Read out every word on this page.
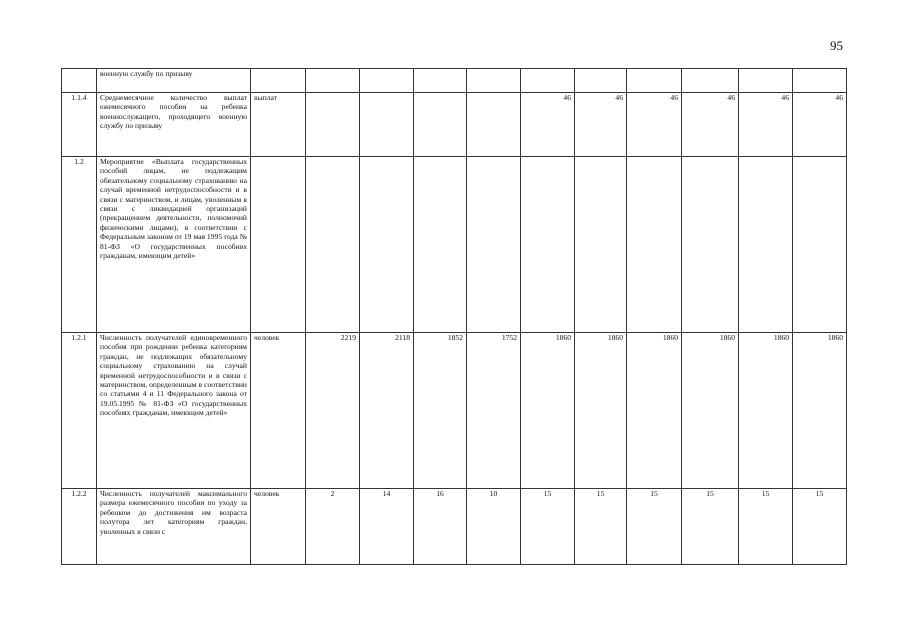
95

	военную службу по призыву											

1.1.4	Среднемесячное количество выплат ежемесячного пособия на ребенка военнослужащего, проходящего военную службу по призыву	выплат					46	46	46	46	46	46
1.2	Мероприятие «Выплата государственных пособий лицам, не подлежащим обязательному социальному страхованию на случай временной нетрудоспособности и в связи с материнством, и лицам, уволенным в связи с ликвидацией организаций (прекращением деятельности, полномочий физическими лицами), в соответствии с Федеральным законом от 19 мая 1995 года № 81-ФЗ «О государственных пособиях гражданам, имеющим детей»											

1.2.1	Численность получателей единовременного пособия при рождении ребенка категориям граждан, не подлежащих обязательному социальному страхованию на случай временной нетрудоспособности и в связи с материнством, определенным в соответствии со статьями 4 и 11 Федерального закона от 19.05.1995 № 81-ФЗ «О государственных пособиях гражданам, имеющим детей»	человек	2219	2118	1852	1752	1860	1860	1860	1860	1860	1860
1.2.2	Численность получателей максимального размера ежемесячного пособия по уходу за ребенком до достижения им возраста полутора лет категориям граждан, уволенных в связи с	человек	2	14	16	10	15	15	15	15	15	15
